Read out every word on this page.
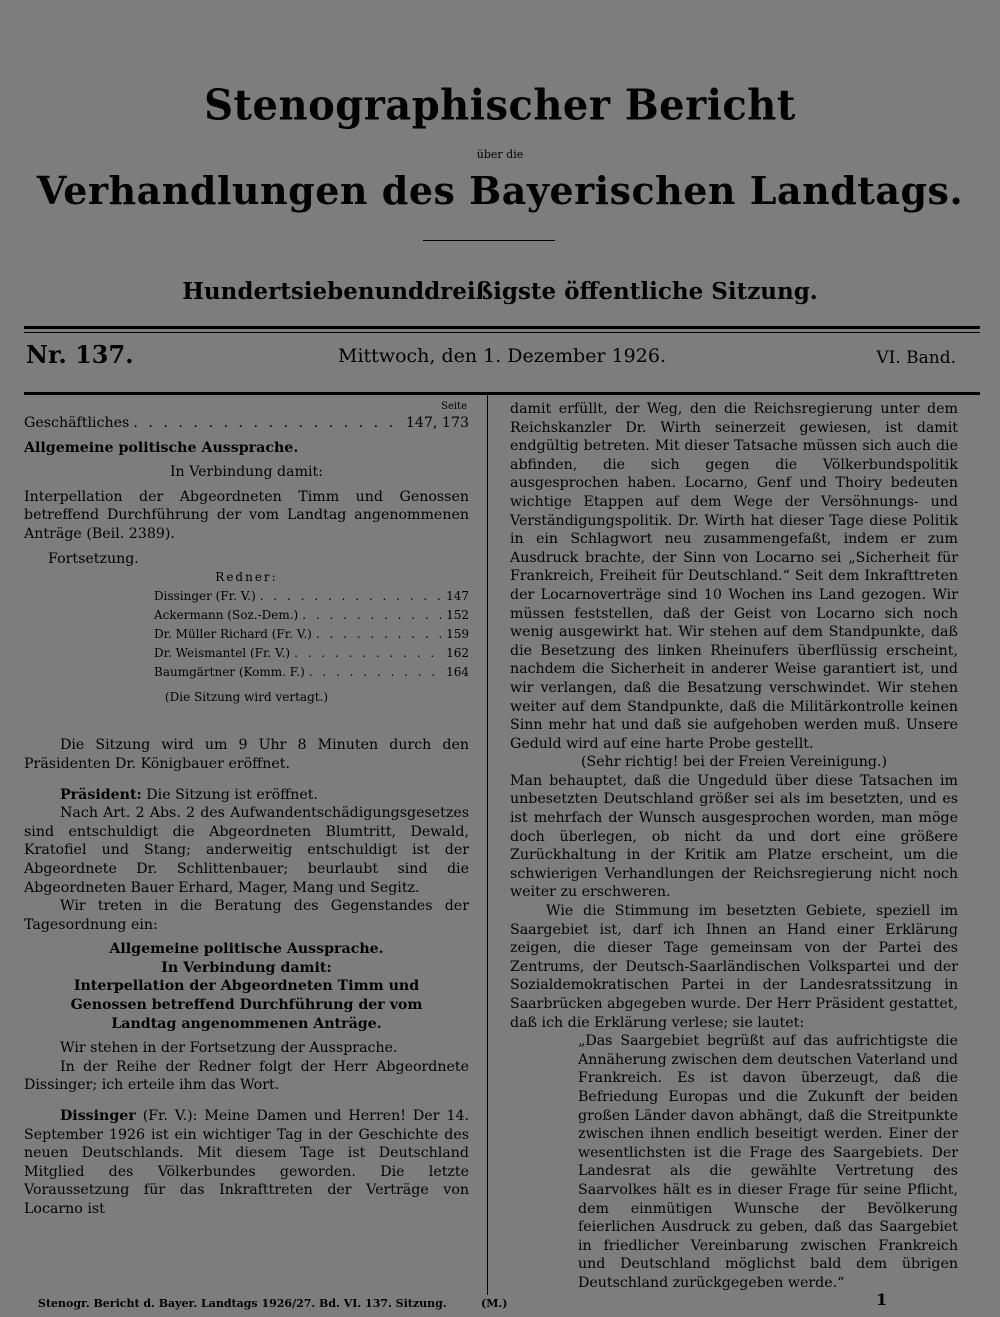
Stenographischer Bericht
über die
Verhandlungen des Bayerischen Landtags.
Hundertsiebenunddreißigste öffentliche Sitzung.
Nr. 137.	Mittwoch, den 1. Dezember 1926.	VI. Band.
Seite
Geschäftliches . . .	147, 173

Allgemeine politische Aussprache.

In Verbindung damit:

Interpellation der Abgeordneten Timm und Genossen betreffend Durchführung der vom Landtag angenommenen Anträge (Beil. 2389).

Fortsetzung.

Redner:

Dissinger (Fr. V.) . . .	147
Ackermann (Soz.-Dem.) . . .	152
Dr. Müller Richard (Fr. V.) . . .	159
Dr. Weismantel (Fr. V.) . . .	162
Baumgärtner (Komm. F.) . . .	164

(Die Sitzung wird vertagt.)

Die Sitzung wird um 9 Uhr 8 Minuten durch den Präsidenten Dr. Königbauer eröffnet.

Präsident: Die Sitzung ist eröffnet.

Nach Art. 2 Abs. 2 des Aufwandentschädigungsgesetzes sind entschuldigt die Abgeordneten Blumtritt, Dewald, Kratofiel und Stang; anderweitig entschuldigt ist der Abgeordnete Dr. Schlittenbauer; beurlaubt sind die Abgeordneten Bauer Erhard, Mager, Mang und Segitz.

Wir treten in die Beratung des Gegenstandes der Tagesordnung ein:

Allgemeine politische Aussprache.

In Verbindung damit:

Interpellation der Abgeordneten Timm und Genossen betreffend Durchführung der vom Landtag angenommenen Anträge.

Wir stehen in der Fortsetzung der Aussprache.

In der Reihe der Redner folgt der Herr Abgeordnete Dissinger; ich erteile ihm das Wort.

Dissinger (Fr. V.): Meine Damen und Herren! Der 14. September 1926 ist ein wichtiger Tag in der Geschichte des neuen Deutschlands. Mit diesem Tage ist Deutschland Mitglied des Völkerbundes geworden. Die letzte Voraussetzung für das Inkrafttreten der Verträge von Locarno ist

damit erfüllt, der Weg, den die Reichsregierung unter dem Reichskanzler Dr. Wirth seinerzeit gewiesen, ist damit endgültig betreten. Mit dieser Tatsache müssen sich auch die abfinden, die sich gegen die Völkerbundspolitik ausgesprochen haben. Locarno, Genf und Thoiry bedeuten wichtige Etappen auf dem Wege der Versöhnungs- und Verständigungspolitik. Dr. Wirth hat dieser Tage diese Politik in ein Schlagwort neu zusammengefaßt, indem er zum Ausdruck brachte, der Sinn von Locarno sei „Sicherheit für Frankreich, Freiheit für Deutschland.“ Seit dem Inkrafttreten der Locarnoverträge sind 10 Wochen ins Land gezogen. Wir müssen feststellen, daß der Geist von Locarno sich noch wenig ausgewirkt hat. Wir stehen auf dem Standpunkte, daß die Besetzung des linken Rheinufers überflüssig erscheint, nachdem die Sicherheit in anderer Weise garantiert ist, und wir verlangen, daß die Besatzung verschwindet. Wir stehen weiter auf dem Standpunkte, daß die Militärkontrolle keinen Sinn mehr hat und daß sie aufgehoben werden muß. Unsere Geduld wird auf eine harte Probe gestellt.

(Sehr richtig! bei der Freien Vereinigung.)

Man behauptet, daß die Ungeduld über diese Tatsachen im unbesetzten Deutschland größer sei als im besetzten, und es ist mehrfach der Wunsch ausgesprochen worden, man möge doch überlegen, ob nicht da und dort eine größere Zurückhaltung in der Kritik am Platze erscheint, um die schwierigen Verhandlungen der Reichsregierung nicht noch weiter zu erschweren.

Wie die Stimmung im besetzten Gebiete, speziell im Saargebiet ist, darf ich Ihnen an Hand einer Erklärung zeigen, die dieser Tage gemeinsam von der Partei des Zentrums, der Deutsch-Saarländischen Volkspartei und der Sozialdemokratischen Partei in der Landesratssitzung in Saarbrücken abgegeben wurde. Der Herr Präsident gestattet, daß ich die Erklärung verlese; sie lautet:

„Das Saargebiet begrüßt auf das aufrichtigste die Annäherung zwischen dem deutschen Vaterland und Frankreich. Es ist davon überzeugt, daß die Befriedung Europas und die Zukunft der beiden großen Länder davon abhängt, daß die Streitpunkte zwischen ihnen endlich beseitigt werden. Einer der wesentlichsten ist die Frage des Saargebiets. Der Landesrat als die gewählte Vertretung des Saarvolkes hält es in dieser Frage für seine Pflicht, dem einmütigen Wunsche der Bevölkerung feierlichen Ausdruck zu geben, daß das Saargebiet in friedlicher Vereinbarung zwischen Frankreich und Deutschland möglichst bald dem übrigen Deutschland zurückgegeben werde.“

Stenogr. Bericht d. Bayer. Landtags 1926/27. Bd. VI. 137. Sitzung.	(M.)	1
